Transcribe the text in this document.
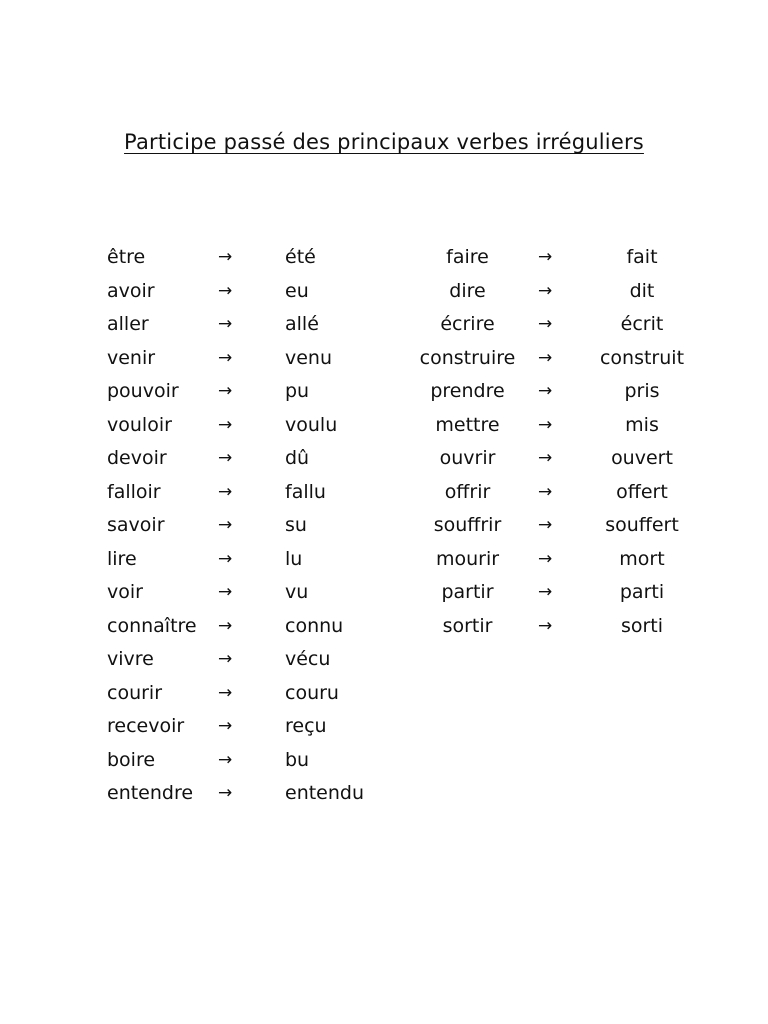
Participe passé des principaux verbes irréguliers
être	→	été
avoir	→	eu
aller	→	allé
venir	→	venu
pouvoir →	pu
vouloir	→	voulu
devoir	→	dû
falloir	→	fallu
savoir	→	su
lire	→	lu
voir	→	vu
connaître →	connu
vivre	→	vécu
courir	→	couru
recevoir →	reçu
boire	→	bu
entendre →	entendu
faire	→	fait
dire	→	dit
écrire	→	écrit
construire	→	construit
prendre	→	pris
mettre	→	mis
ouvrir	→	ouvert
offrir	→	offert
souffrir	→	souffert
mourir	→	mort
partir	→	parti
sortir	→	sorti
